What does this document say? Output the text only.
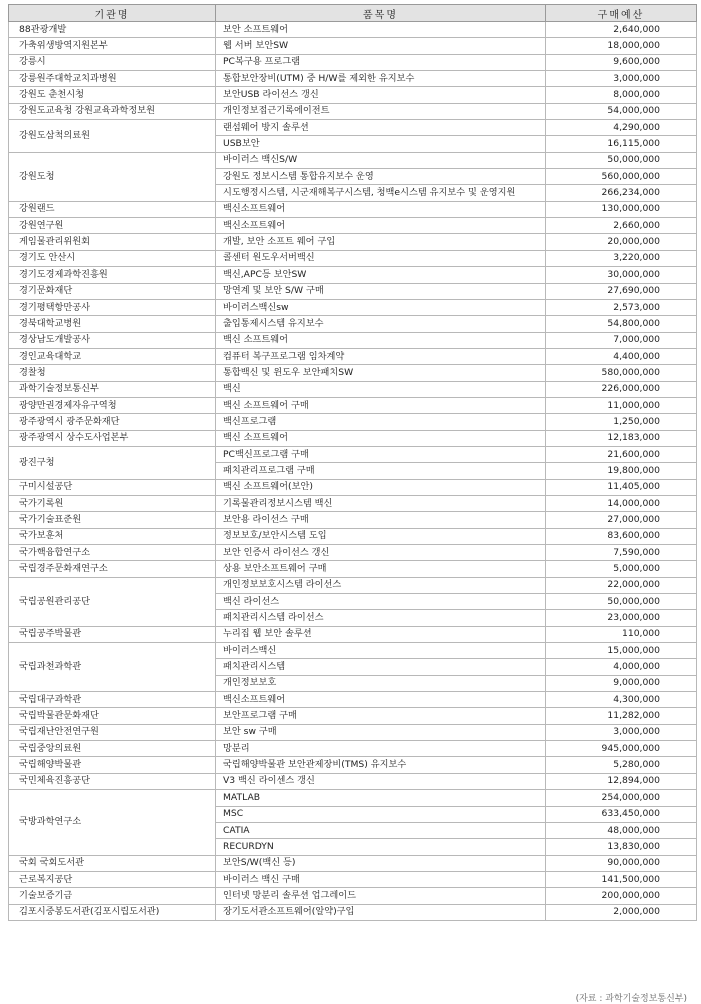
기관명	품목명	구매예산
88관광개발	보안 소프트웨어	2,640,000
가축위생방역지원본부	웹 서버 보안SW	18,000,000
강릉시	PC복구용 프로그램	9,600,000
강릉원주대학교치과병원	통합보안장비(UTM) 중 H/W를 제외한 유지보수	3,000,000
강원도 춘천시청	보안USB 라이선스 갱신	8,000,000
강원도교육청 강원교육과학정보원	개인정보접근기록에이전트	54,000,000
강원도삼척의료원	랜섬웨어 방지 솔루션	4,290,000
	USB보안	16,115,000
강원도청	바이러스 백신S/W	50,000,000
	강원도 정보시스템 통합유지보수 운영	560,000,000
	시도행정시스템, 시군재해복구시스템, 청백e시스템 유지보수 및 운영지원	266,234,000
강원랜드	백신소프트웨어	130,000,000
강원연구원	백신소프트웨어	2,660,000
게임물관리위원회	개발, 보안 소프트 웨어 구입	20,000,000
경기도 안산시	콜센터 원도우서버백신	3,220,000
경기도경제과학진흥원	백신,APC등 보안SW	30,000,000
경기문화재단	망연계 및 보안 S/W 구매	27,690,000
경기평택항만공사	바이러스백신sw	2,573,000
경북대학교병원	출입통제시스템 유지보수	54,800,000
경상남도개발공사	백신 소프트웨어	7,000,000
경인교육대학교	컴퓨터 복구프로그램 임차계약	4,400,000
경찰청	통합백신 및 윈도우 보안패치SW	580,000,000
과학기술정보통신부	백신	226,000,000
광양만권경제자유구역청	백신 소프트웨어 구매	11,000,000
광주광역시 광주문화재단	백신프로그램	1,250,000
광주광역시 상수도사업본부	백신 소프트웨어	12,183,000
광진구청	PC백신프로그램 구매	21,600,000
	패치관리프로그램 구매	19,800,000
구미시설공단	백신 소프트웨어(보안)	11,405,000
국가기록원	기록물관리정보시스템 백신	14,000,000
국가기술표준원	보안용 라이선스 구매	27,000,000
국가보훈처	정보보호/보안시스템 도입	83,600,000
국가핵융합연구소	보안 인증서 라이선스 갱신	7,590,000
국립경주문화재연구소	상용 보안소프트웨어 구매	5,000,000
국립공원관리공단	개인정보보호시스템 라이선스	22,000,000
	백신 라이선스	50,000,000
	패치관리시스템 라이선스	23,000,000
국립공주박물관	누리집 웹 보안 솔루션	110,000
국립과천과학관	바이러스백신	15,000,000
	패치관리시스템	4,000,000
	개인정보보호	9,000,000
국립대구과학관	백신소프트웨어	4,300,000
국립박물관문화재단	보안프로그램 구매	11,282,000
국립재난안전연구원	보안 sw 구매	3,000,000
국립중앙의료원	망분리	945,000,000
국립해양박물관	국립해양박물관 보안관제장비(TMS) 유지보수	5,280,000
국민체육진흥공단	V3 백신 라이센스 갱신	12,894,000
국방과학연구소	MATLAB	254,000,000
	MSC	633,450,000
	CATIA	48,000,000
	RECURDYN	13,830,000
국회 국회도서관	보안S/W(백신 등)	90,000,000
근로복지공단	바이러스 백신 구매	141,500,000
기술보증기금	인터넷 망분리 솔루션 업그레이드	200,000,000
김포시중봉도서관(김포시립도서관)	장기도서관소프트웨어(알약)구입	2,000,000
(자료 : 과학기술정보통신부)
